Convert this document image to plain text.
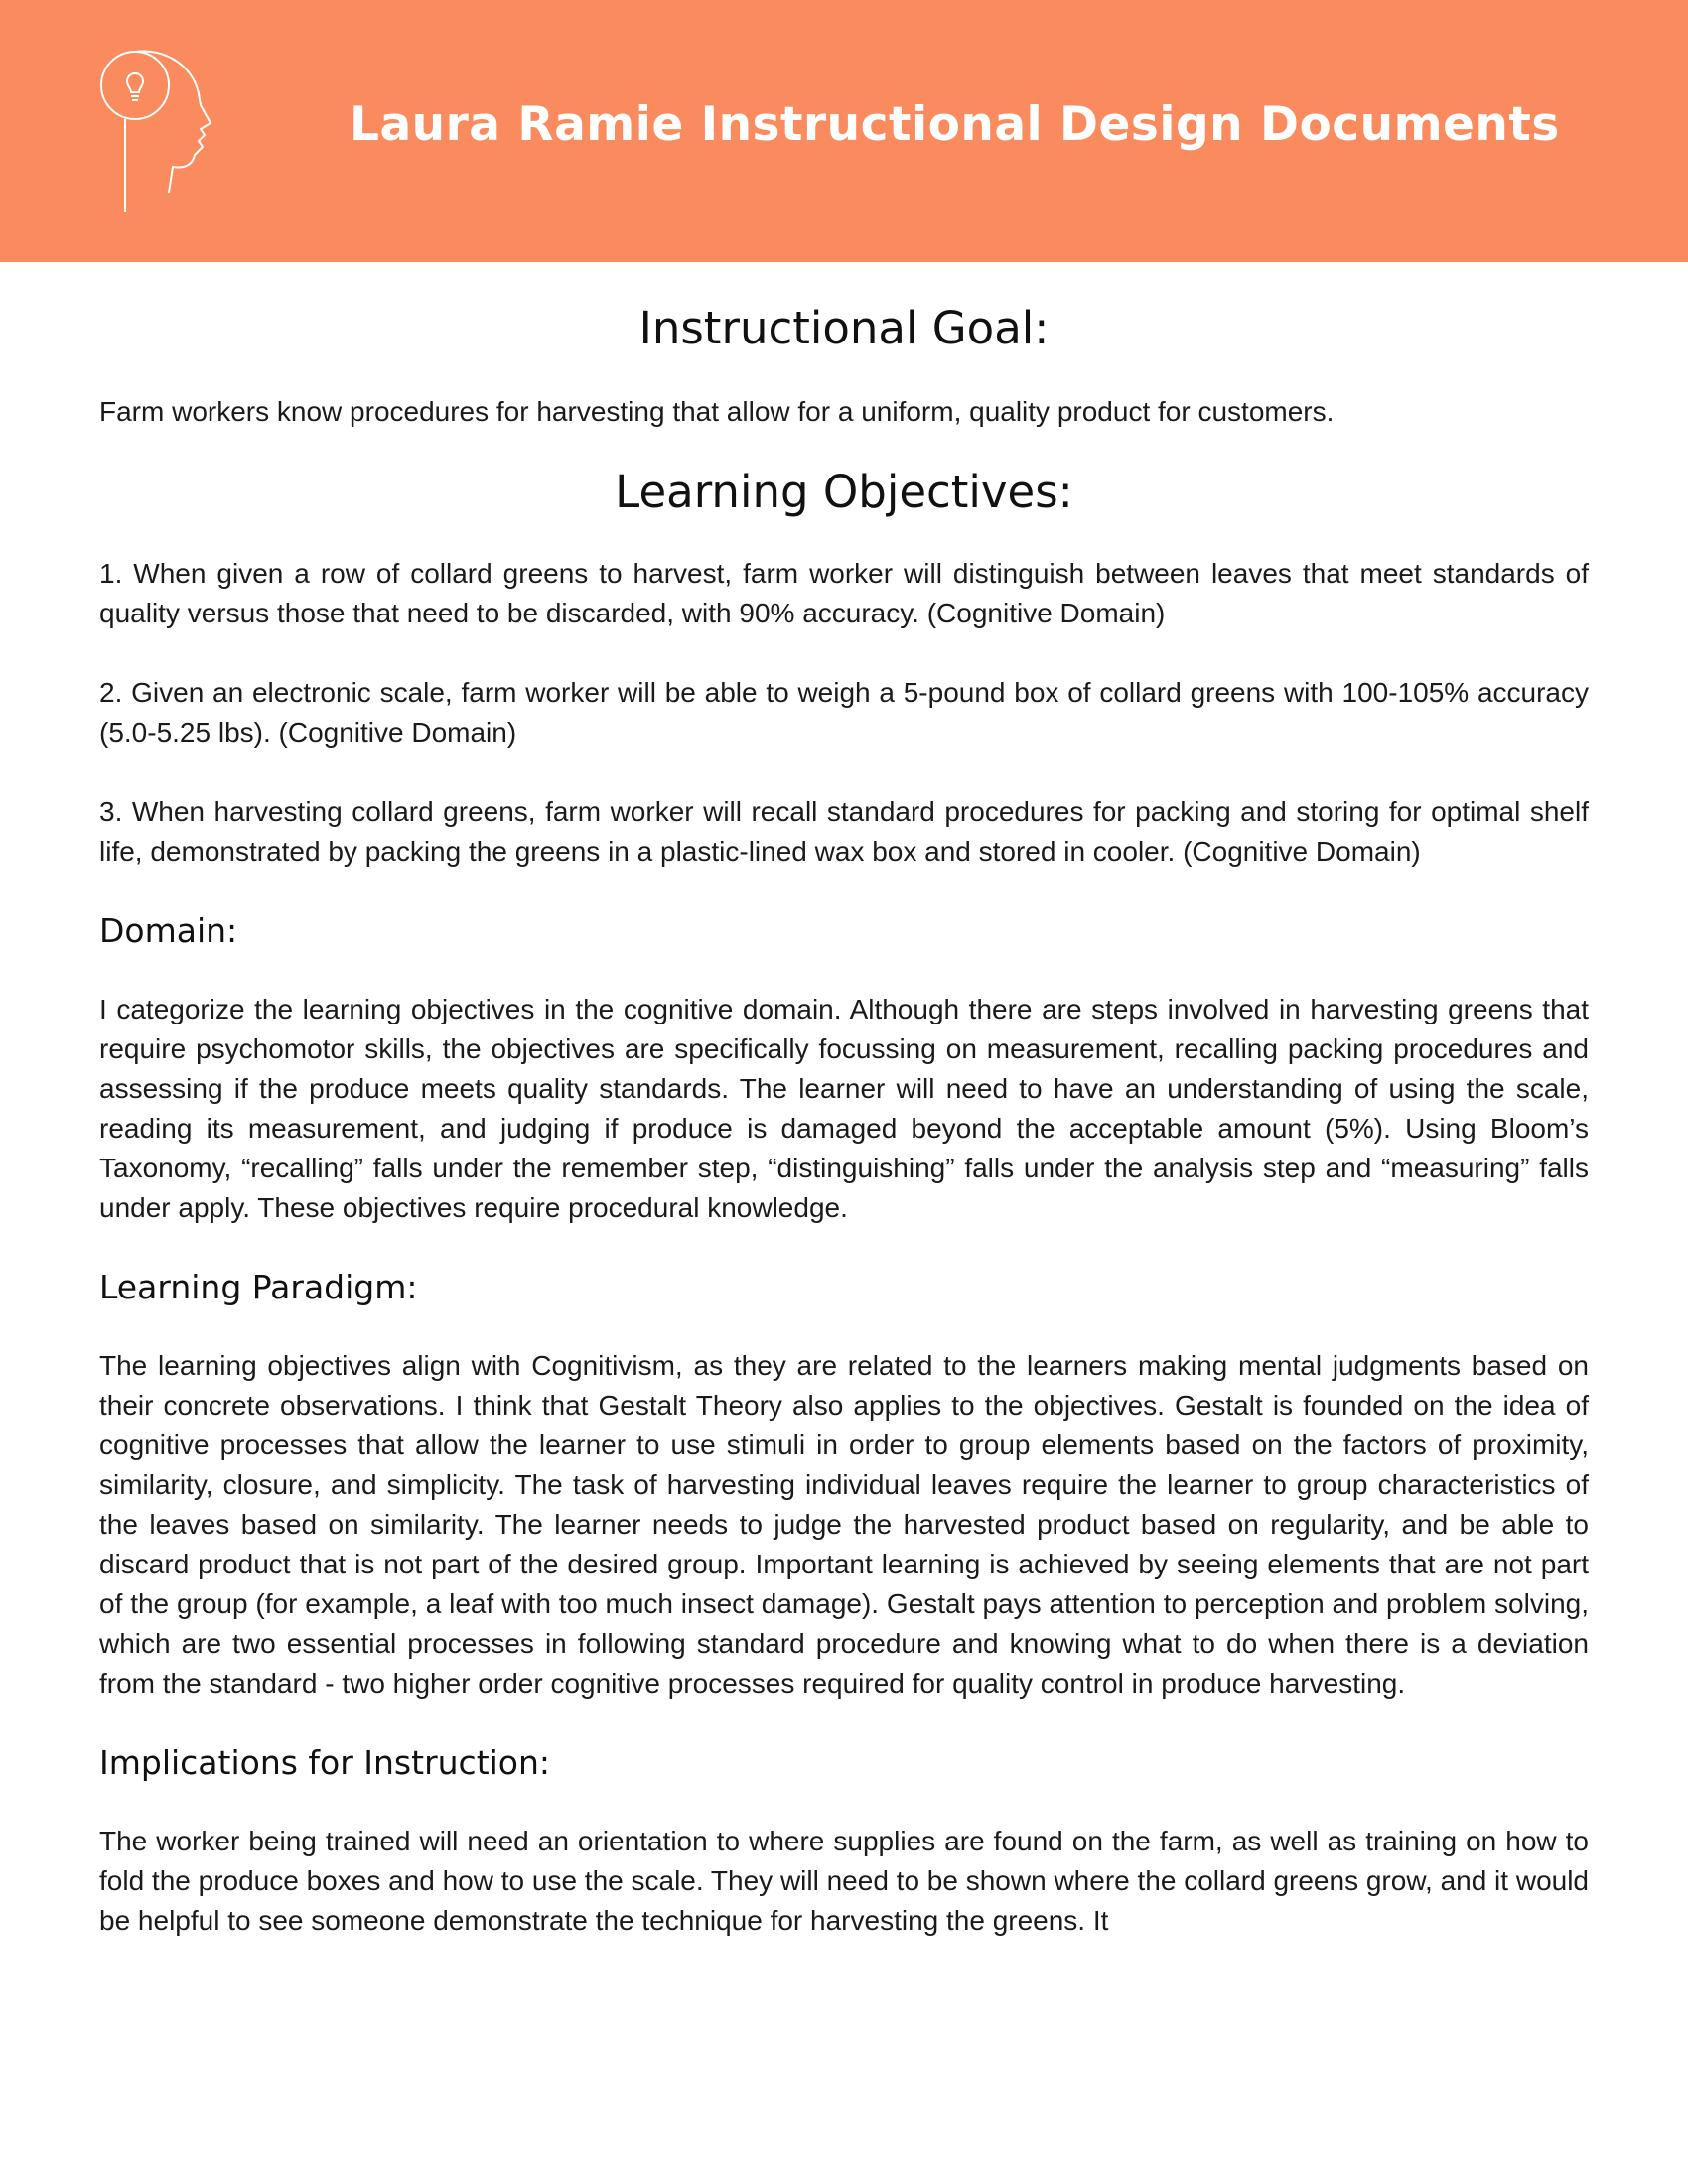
Laura Ramie Instructional Design Documents
Instructional Goal:

Farm workers know procedures for harvesting that allow for a uniform, quality product for customers.

Learning Objectives:

1. When given a row of collard greens to harvest, farm worker will distinguish between leaves that meet standards of quality versus those that need to be discarded, with 90% accuracy. (Cognitive Domain)

2. Given an electronic scale, farm worker will be able to weigh a 5-pound box of collard greens with 100-105% accuracy (5.0-5.25 lbs). (Cognitive Domain)

3. When harvesting collard greens, farm worker will recall standard procedures for packing and storing for optimal shelf life, demonstrated by packing the greens in a plastic-lined wax box and stored in cooler. (Cognitive Domain)

Domain:

I categorize the learning objectives in the cognitive domain. Although there are steps involved in harvesting greens that require psychomotor skills, the objectives are specifically focussing on measurement, recalling packing procedures and assessing if the produce meets quality standards. The learner will need to have an understanding of using the scale, reading its measurement, and judging if produce is damaged beyond the acceptable amount (5%). Using Bloom’s Taxonomy, “recalling” falls under the remember step, “distinguishing” falls under the analysis step and “measuring” falls under apply. These objectives require procedural knowledge.

Learning Paradigm:

The learning objectives align with Cognitivism, as they are related to the learners making mental judgments based on their concrete observations. I think that Gestalt Theory also applies to the objectives. Gestalt is founded on the idea of cognitive processes that allow the learner to use stimuli in order to group elements based on the factors of proximity, similarity, closure, and simplicity. The task of harvesting individual leaves require the learner to group characteristics of the leaves based on similarity. The learner needs to judge the harvested product based on regularity, and be able to discard product that is not part of the desired group. Important learning is achieved by seeing elements that are not part of the group (for example, a leaf with too much insect damage). Gestalt pays attention to perception and problem solving, which are two essential processes in following standard procedure and knowing what to do when there is a deviation from the standard - two higher order cognitive processes required for quality control in produce harvesting.

Implications for Instruction:

The worker being trained will need an orientation to where supplies are found on the farm, as well as training on how to fold the produce boxes and how to use the scale. They will need to be shown where the collard greens grow, and it would be helpful to see someone demonstrate the technique for harvesting the greens. It
